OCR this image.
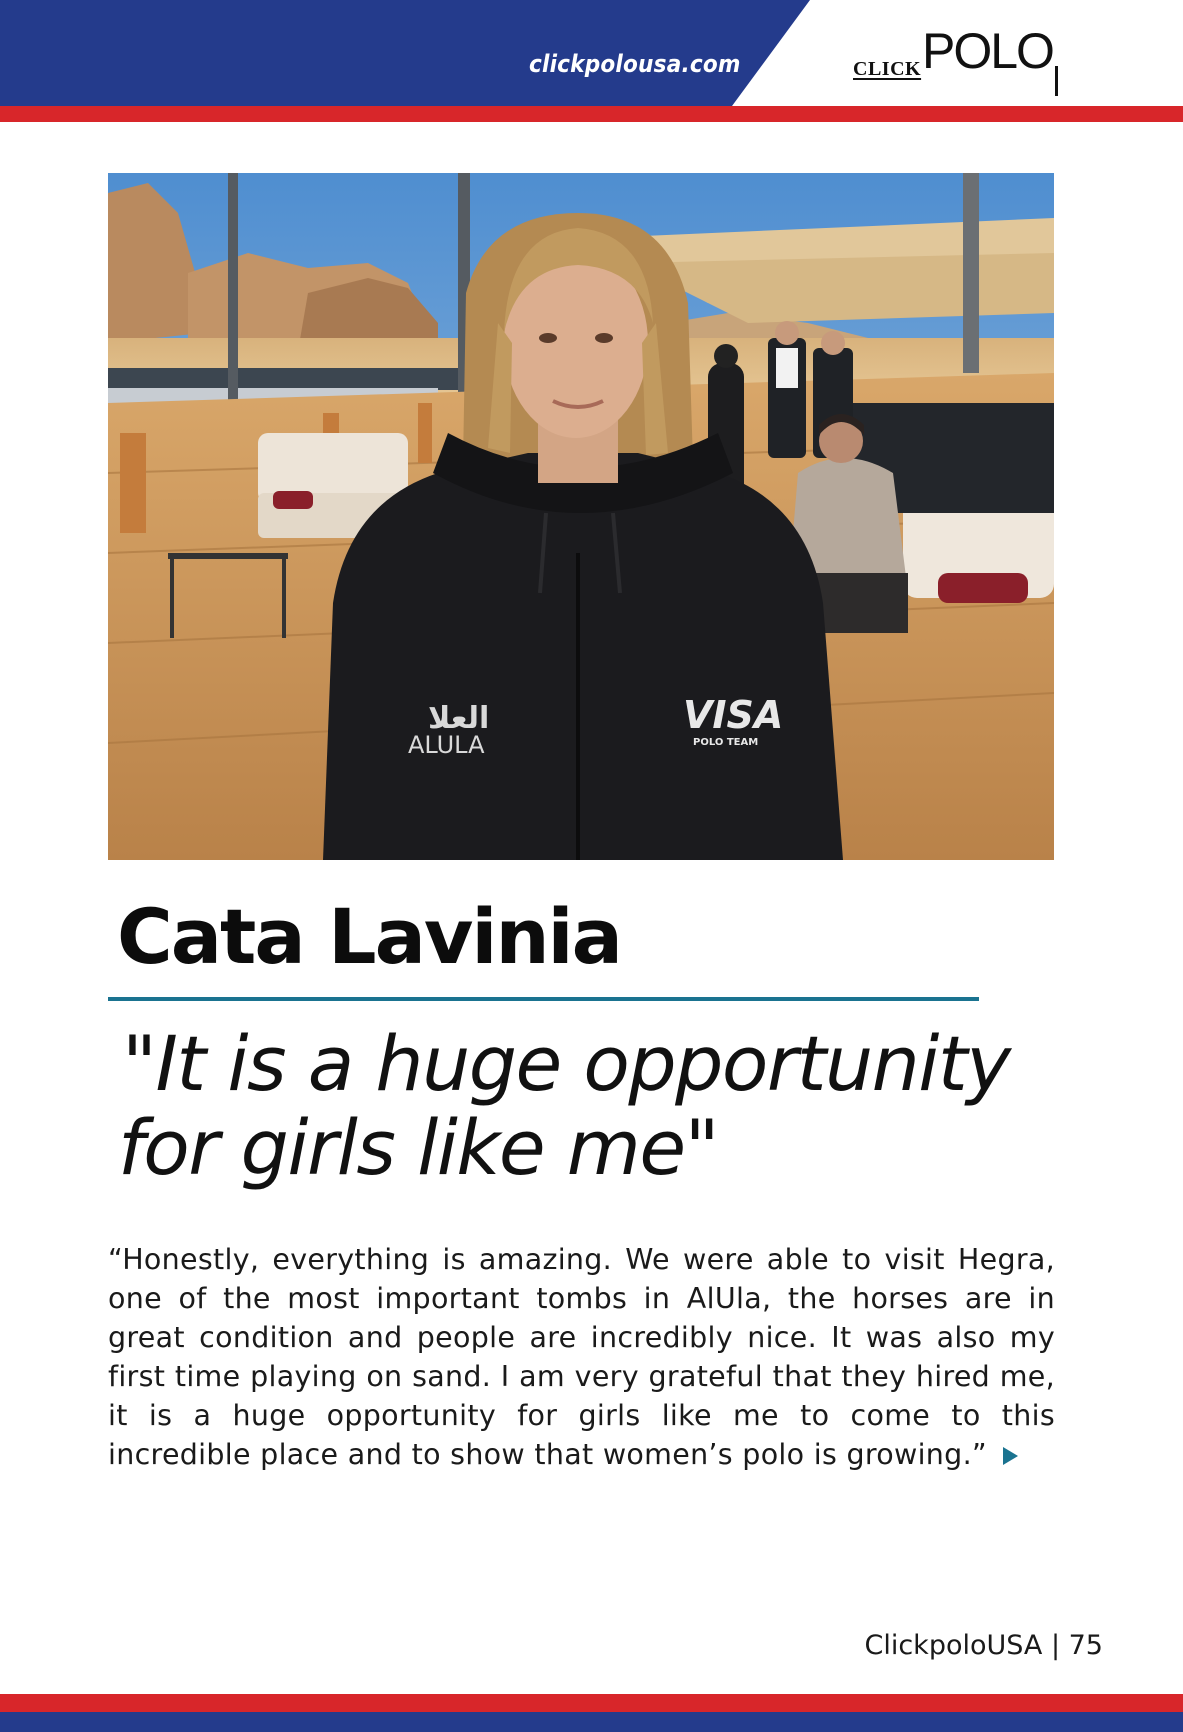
clickpolousa.com	CLICK POLO
العلا
ALULA
VISA
POLO TEAM
Cata Lavinia
"It is a huge opportunity
for girls like me"

“Honestly, everything is amazing. We were able to visit Hegra, one of the most important tombs in AlUla, the horses are in great condition and people are incredibly nice. It was also my first time playing on sand. I am very grateful that they hired me, it is a huge opportunity for girls like me to come to this incredible place and to show that women’s polo is growing.”

ClickpoloUSA | 75
